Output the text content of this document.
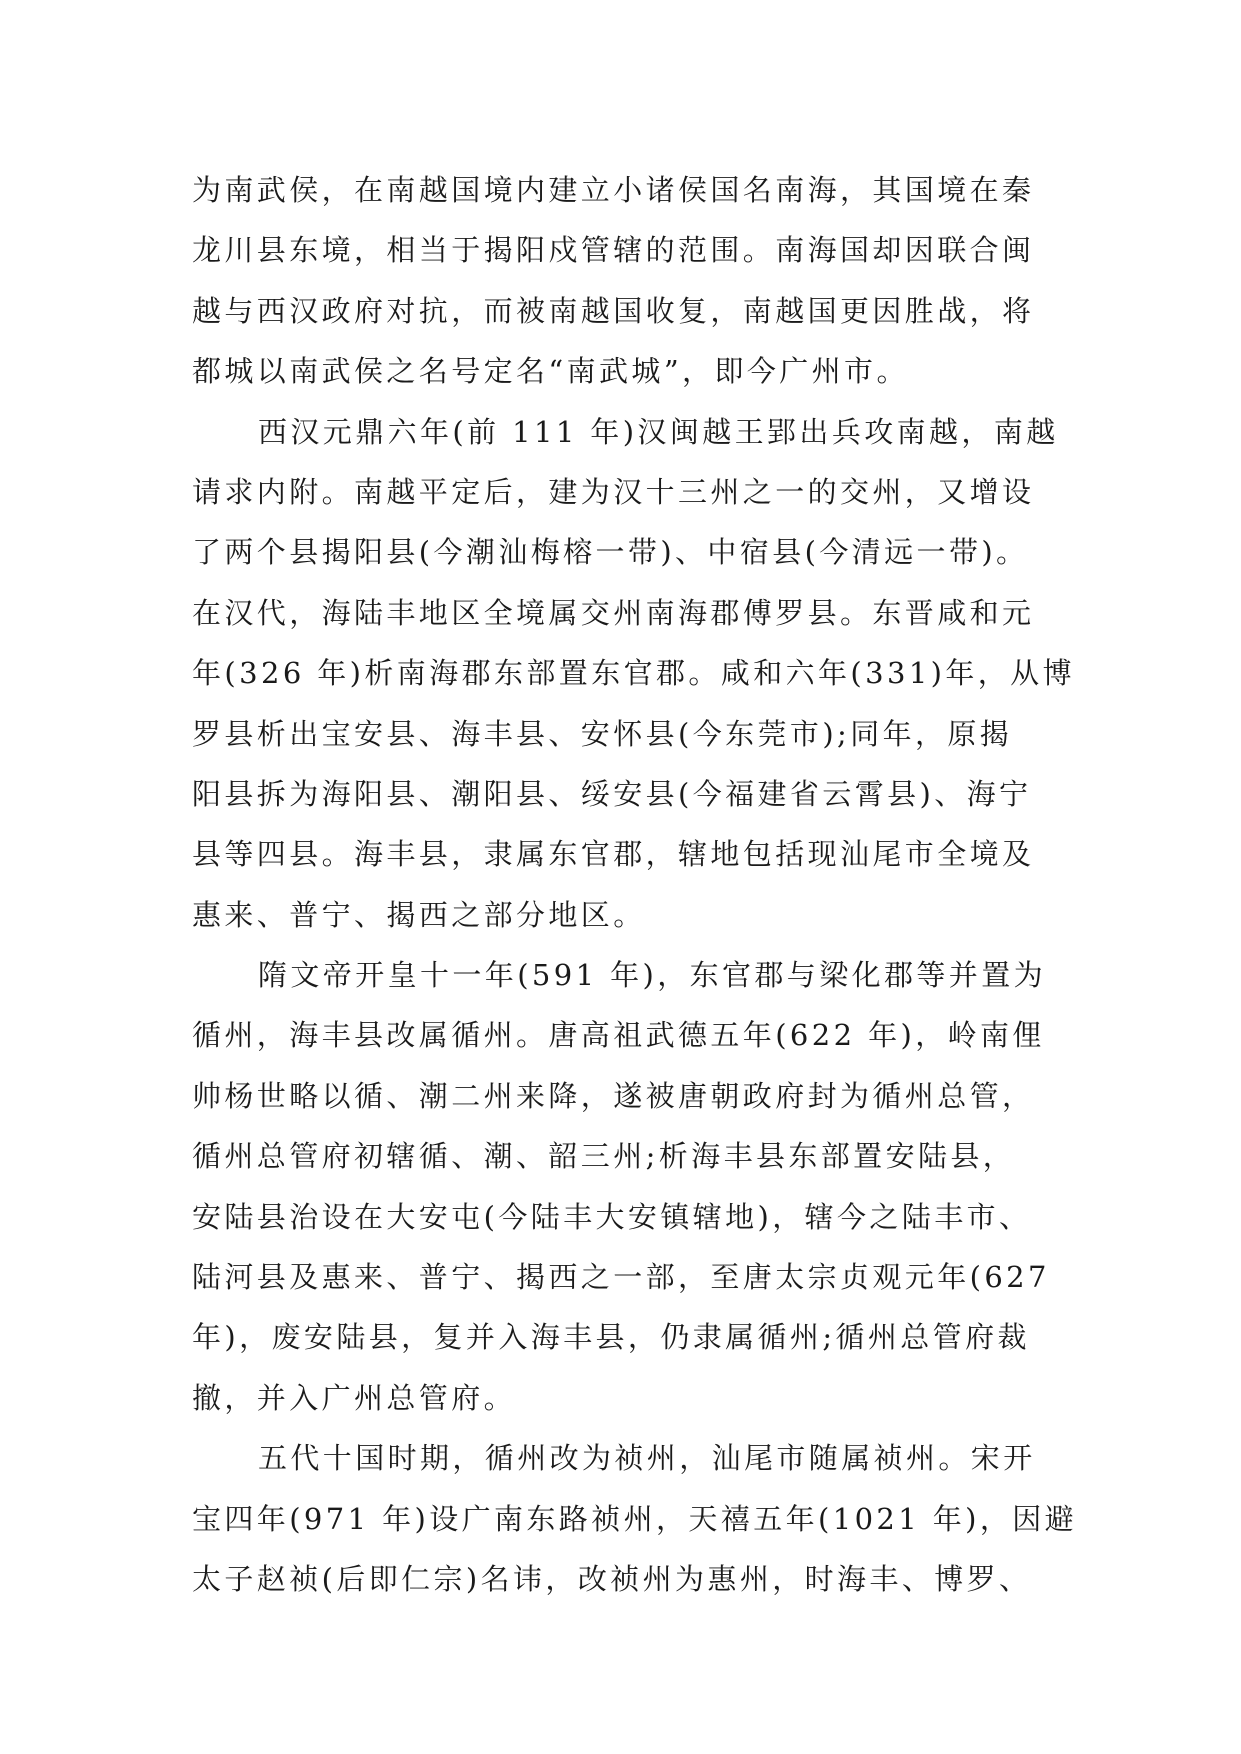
为南武侯，在南越国境内建立小诸侯国名南海，其国境在秦
龙川县东境，相当于揭阳戍管辖的范围。南海国却因联合闽
越与西汉政府对抗，而被南越国收复，南越国更因胜战，将
都城以南武侯之名号定名“南武城”，即今广州市。
西汉元鼎六年(前 111 年)汉闽越王郢出兵攻南越，南越
请求内附。南越平定后，建为汉十三州之一的交州，又增设
了两个县揭阳县(今潮汕梅榕一带)、中宿县(今清远一带)。
在汉代，海陆丰地区全境属交州南海郡傅罗县。东晋咸和元
年(326 年)析南海郡东部置东官郡。咸和六年(331)年，从博
罗县析出宝安县、海丰县、安怀县(今东莞市);同年，原揭
阳县拆为海阳县、潮阳县、绥安县(今福建省云霄县)、海宁
县等四县。海丰县，隶属东官郡，辖地包括现汕尾市全境及
惠来、普宁、揭西之部分地区。
隋文帝开皇十一年(591 年)，东官郡与梁化郡等并置为
循州，海丰县改属循州。唐高祖武德五年(622 年)，岭南俚
帅杨世略以循、潮二州来降，遂被唐朝政府封为循州总管，
循州总管府初辖循、潮、韶三州;析海丰县东部置安陆县，
安陆县治设在大安屯(今陆丰大安镇辖地)，辖今之陆丰市、
陆河县及惠来、普宁、揭西之一部，至唐太宗贞观元年(627
年)，废安陆县，复并入海丰县，仍隶属循州;循州总管府裁
撤，并入广州总管府。
五代十国时期，循州改为祯州，汕尾市随属祯州。宋开
宝四年(971 年)设广南东路祯州，天禧五年(1021 年)，因避
太子赵祯(后即仁宗)名讳，改祯州为惠州，时海丰、博罗、
